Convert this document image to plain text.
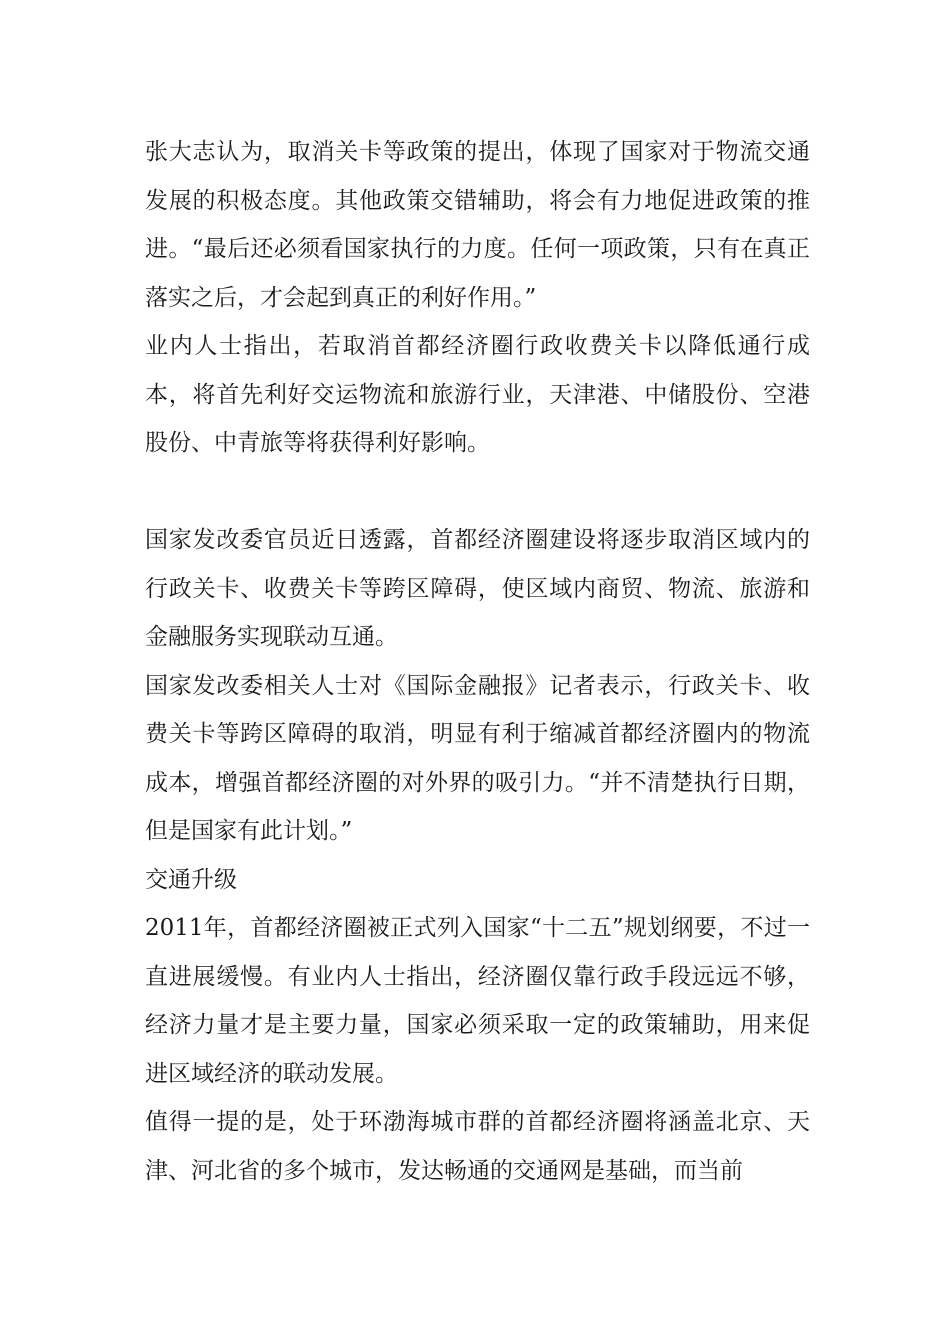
张大志认为，取消关卡等政策的提出，体现了国家对于物流交通发展的积极态度。其他政策交错辅助，将会有力地促进政策的推进。“最后还必须看国家执行的力度。任何一项政策，只有在真正落实之后，才会起到真正的利好作用。”

业内人士指出，若取消首都经济圈行政收费关卡以降低通行成本，将首先利好交运物流和旅游行业，天津港、中储股份、空港股份、中青旅等将获得利好影响。

国家发改委官员近日透露，首都经济圈建设将逐步取消区域内的行政关卡、收费关卡等跨区障碍，使区域内商贸、物流、旅游和金融服务实现联动互通。

国家发改委相关人士对《国际金融报》记者表示，行政关卡、收费关卡等跨区障碍的取消，明显有利于缩减首都经济圈内的物流成本，增强首都经济圈的对外界的吸引力。“并不清楚执行日期，但是国家有此计划。”

交通升级

2011年，首都经济圈被正式列入国家“十二五”规划纲要，不过一直进展缓慢。有业内人士指出，经济圈仅靠行政手段远远不够，经济力量才是主要力量，国家必须采取一定的政策辅助，用来促进区域经济的联动发展。

值得一提的是，处于环渤海城市群的首都经济圈将涵盖北京、天津、河北省的多个城市，发达畅通的交通网是基础，而当前
